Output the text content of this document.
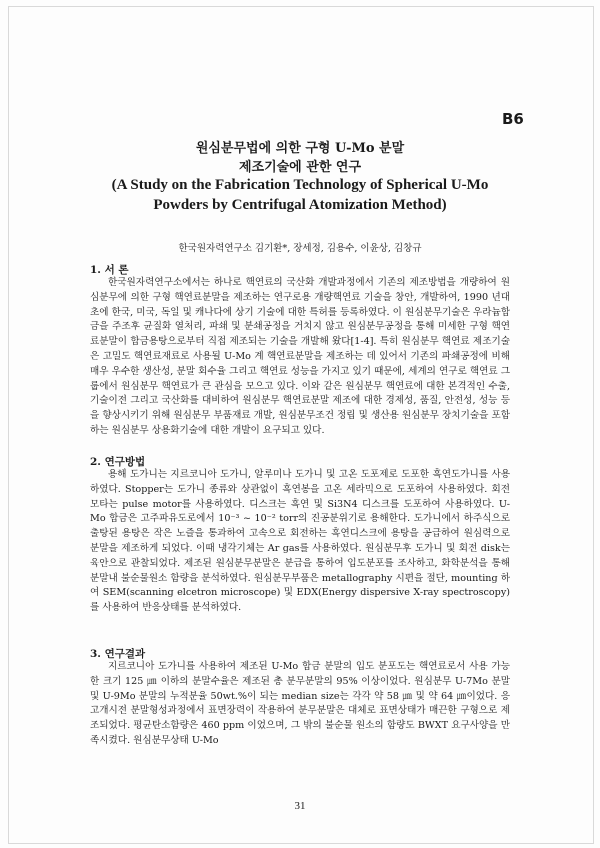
B6
원심분무법에 의한 구형 U-Mo 분말
제조기술에 관한 연구
(A Study on the Fabrication Technology of Spherical U-Mo
Powders by Centrifugal Atomization Method)
한국원자력연구소 김기환*, 장세정, 김용수, 이윤상, 김창규
1. 서 론

한국원자력연구소에서는 하나로 핵연료의 국산화 개발과정에서 기존의 제조방법을 개량하여 원심분무에 의한 구형 핵연료분말을 제조하는 연구로용 개량핵연료 기술을 창안, 개발하여, 1990 년대 초에 한국, 미국, 독일 및 캐나다에 상기 기술에 대한 특허를 등록하였다. 이 원심분무기술은 우라늄합금을 주조후 균질화 열처리, 파쇄 및 분쇄공정을 거치지 않고 원심분무공정을 통해 미세한 구형 핵연료분말이 합금용탕으로부터 직접 제조되는 기술을 개발해 왔다[1-4]. 특히 원심분무 핵연료 제조기술은 고밀도 핵연료재료로 사용될 U-Mo 계 핵연료분말을 제조하는 데 있어서 기존의 파쇄공정에 비해 매우 우수한 생산성, 분말 회수율 그리고 핵연료 성능을 가지고 있기 때문에, 세계의 연구로 핵연료 그룹에서 원심분무 핵연료가 큰 관심을 모으고 있다. 이와 같은 원심분무 핵연료에 대한 본격적인 수출, 기술이전 그리고 국산화를 대비하여 원심분무 핵연료분말 제조에 대한 경제성, 품질, 안전성, 성능 등을 향상시키기 위해 원심분무 부품재료 개발, 원심분무조건 정립 및 생산용 원심분무 장치기술을 포함하는 원심분무 상용화기술에 대한 개발이 요구되고 있다.

2. 연구방법

용해 도가니는 지르코니아 도가니, 알루미나 도가니 및 고온 도포제로 도포한 흑연도가니를 사용하였다. Stopper는 도가니 종류와 상관없이 흑연봉을 고온 세라믹으로 도포하여 사용하였다. 회전 모타는 pulse motor를 사용하였다. 디스크는 흑연 및 Si3N4 디스크를 도포하여 사용하였다. U-Mo 합금은 고주파유도로에서 10⁻³ ~ 10⁻² torr의 진공분위기로 용해한다. 도가니에서 하주식으로 출탕된 용탕은 작은 노즐을 통과하여 고속으로 회전하는 흑연디스크에 용탕을 공급하여 원심력으로 분말을 제조하게 되었다. 이때 냉각기체는 Ar gas를 사용하였다. 원심분무후 도가니 및 회전 disk는 육안으로 관찰되었다. 제조된 원심분무분말은 분급을 통하여 입도분포를 조사하고, 화학분석을 통해 분말내 불순물원소 함량을 분석하였다. 원심분무부품은 metallography 시편을 절단, mounting 하여 SEM(scanning elcetron microscope) 및 EDX(Energy dispersive X-ray spectroscopy)를 사용하여 반응상태를 분석하였다.

3. 연구결과

지르코니아 도가니를 사용하여 제조된 U-Mo 합금 분말의 입도 분포도는 핵연료로서 사용 가능한 크기 125 ㎛ 이하의 분말수율은 제조된 총 분무분말의 95% 이상이었다. 원심분무 U-7Mo 분말 및 U-9Mo 분말의 누적분율 50wt.%이 되는 median size는 각각 약 58 ㎛ 및 약 64 ㎛이었다. 응고개시전 분말형성과정에서 표면장력이 작용하여 분무분말은 대체로 표면상태가 매끈한 구형으로 제조되었다. 평균탄소함량은 460 ppm 이었으며, 그 밖의 불순물 원소의 함량도 BWXT 요구사양을 만족시켰다. 원심분무상태 U-Mo

31
